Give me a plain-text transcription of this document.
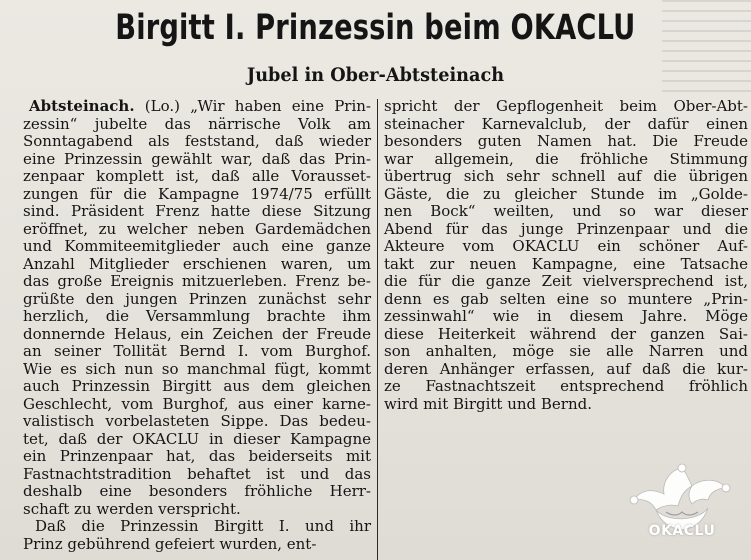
Birgitt I. Prinzessin beim OKACLU
Jubel in Ober-Abtsteinach
Abtsteinach. (Lo.) „Wir haben eine Prin-
zessin“ jubelte das närrische Volk am
Sonntagabend als feststand, daß wieder
eine Prinzessin gewählt war, daß das Prin-
zenpaar komplett ist, daß alle Vorausset-
zungen für die Kampagne 1974/75 erfüllt
sind. Präsident Frenz hatte diese Sitzung
eröffnet, zu welcher neben Gardemädchen
und Kommiteemitglieder auch eine ganze
Anzahl Mitglieder erschienen waren, um
das große Ereignis mitzuerleben. Frenz be-
grüßte den jungen Prinzen zunächst sehr
herzlich, die Versammlung brachte ihm
donnernde Helaus, ein Zeichen der Freude
an seiner Tollität Bernd I. vom Burghof.
Wie es sich nun so manchmal fügt, kommt
auch Prinzessin Birgitt aus dem gleichen
Geschlecht, vom Burghof, aus einer karne-
valistisch vorbelasteten Sippe. Das bedeu-
tet, daß der OKACLU in dieser Kampagne
ein Prinzenpaar hat, das beiderseits mit
Fastnachtstradition behaftet ist und das
deshalb eine besonders fröhliche Herr-
schaft zu werden verspricht.
Daß die Prinzessin Birgitt I. und ihr
Prinz gebührend gefeiert wurden, ent-
spricht der Gepflogenheit beim Ober-Abt-
steinacher Karnevalclub, der dafür einen
besonders guten Namen hat. Die Freude
war allgemein, die fröhliche Stimmung
übertrug sich sehr schnell auf die übrigen
Gäste, die zu gleicher Stunde im „Golde-
nen Bock“ weilten, und so war dieser
Abend für das junge Prinzenpaar und die
Akteure vom OKACLU ein schöner Auf-
takt zur neuen Kampagne, eine Tatsache
die für die ganze Zeit vielversprechend ist,
denn es gab selten eine so muntere „Prin-
zessinwahl“ wie in diesem Jahre. Möge
diese Heiterkeit während der ganzen Sai-
son anhalten, möge sie alle Narren und
deren Anhänger erfassen, auf daß die kur-
ze Fastnachtszeit entsprechend fröhlich
wird mit Birgitt und Bernd.
OKACLU
